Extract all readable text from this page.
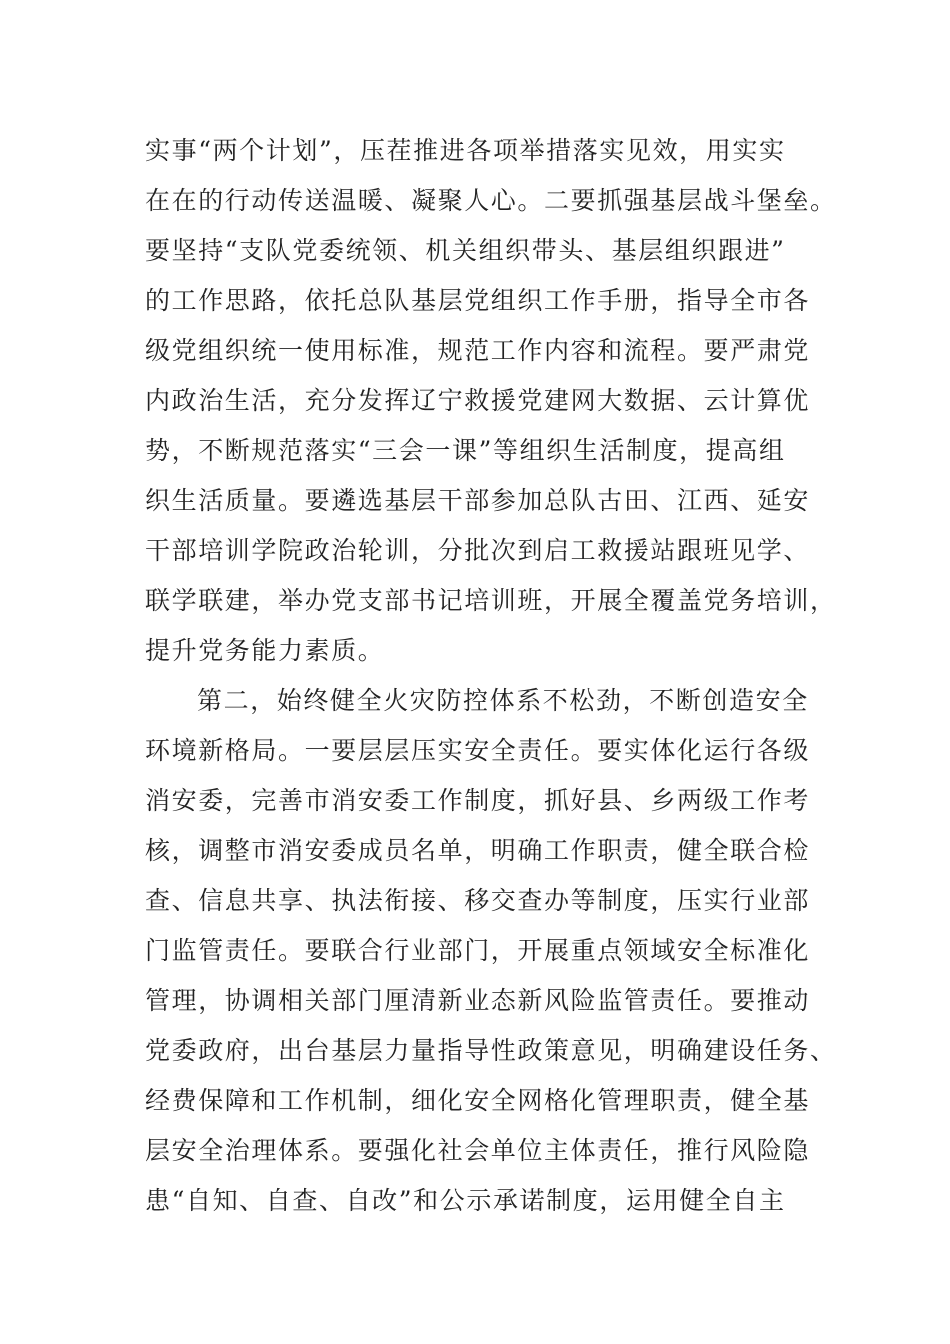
实事“两个计划”，压茬推进各项举措落实见效，用实实
在在的行动传送温暖、凝聚人心。二要抓强基层战斗堡垒。
要坚持“支队党委统领、机关组织带头、基层组织跟进”
的工作思路，依托总队基层党组织工作手册，指导全市各
级党组织统一使用标准，规范工作内容和流程。要严肃党
内政治生活，充分发挥辽宁救援党建网大数据、云计算优
势，不断规范落实“三会一课”等组织生活制度，提高组
织生活质量。要遴选基层干部参加总队古田、江西、延安
干部培训学院政治轮训，分批次到启工救援站跟班见学、
联学联建，举办党支部书记培训班，开展全覆盖党务培训，
提升党务能力素质。
第二，始终健全火灾防控体系不松劲，不断创造安全
环境新格局。一要层层压实安全责任。要实体化运行各级
消安委，完善市消安委工作制度，抓好县、乡两级工作考
核，调整市消安委成员名单，明确工作职责，健全联合检
查、信息共享、执法衔接、移交查办等制度，压实行业部
门监管责任。要联合行业部门，开展重点领域安全标准化
管理，协调相关部门厘清新业态新风险监管责任。要推动
党委政府，出台基层力量指导性政策意见，明确建设任务、
经费保障和工作机制，细化安全网格化管理职责，健全基
层安全治理体系。要强化社会单位主体责任，推行风险隐
患“自知、自查、自改”和公示承诺制度，运用健全自主
